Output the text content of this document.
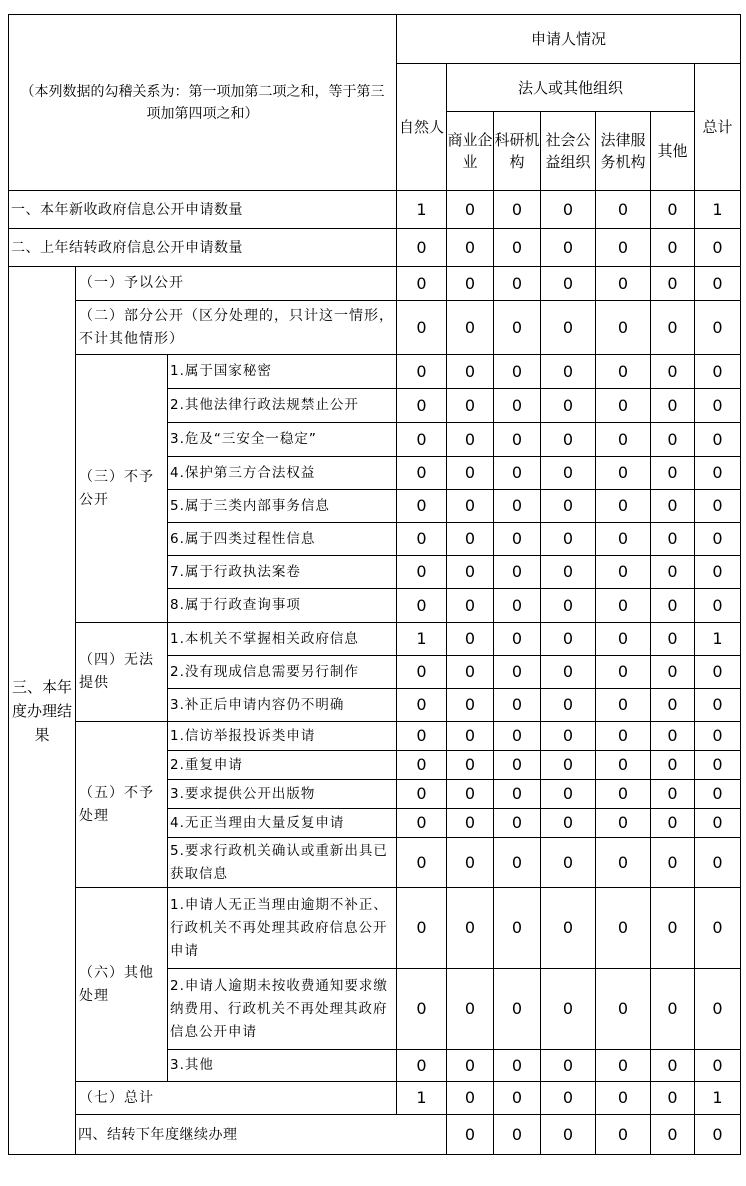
（本列数据的勾稽关系为：第一项加第二项之和，等于第三项加第四项之和）			申请人情况							
			自然人	法人或其他组织					总计	
				商业企业	科研机构	社会公益组织	法律服务机构	其他		
一、本年新收政府信息公开申请数量			1	0	0	0	0	0	1	
二、上年结转政府信息公开申请数量			0	0	0	0	0	0	0	
三、本年度办理结果	（一）予以公开		0	0	0	0	0	0	0	
	（二）部分公开（区分处理的，只计这一情形，不计其他情形）		0	0	0	0	0	0	0	
	（三）不予公开	1.属于国家秘密	0	0	0	0	0	0	0	
		2.其他法律行政法规禁止公开	0	0	0	0	0	0	0	
		3.危及“三安全一稳定”	0	0	0	0	0	0	0	
		4.保护第三方合法权益	0	0	0	0	0	0	0	
		5.属于三类内部事务信息	0	0	0	0	0	0	0	
		6.属于四类过程性信息	0	0	0	0	0	0	0	
		7.属于行政执法案卷	0	0	0	0	0	0	0	
		8.属于行政查询事项	0	0	0	0	0	0	0	
	（四）无法提供	1.本机关不掌握相关政府信息	1	0	0	0	0	0	1	
		2.没有现成信息需要另行制作	0	0	0	0	0	0	0	
		3.补正后申请内容仍不明确	0	0	0	0	0	0	0	
	（五）不予处理	1.信访举报投诉类申请	0	0	0	0	0	0	0	
		2.重复申请	0	0	0	0	0	0	0	
		3.要求提供公开出版物	0	0	0	0	0	0	0	
		4.无正当理由大量反复申请	0	0	0	0	0	0	0	
		5.要求行政机关确认或重新出具已获取信息	0	0	0	0	0	0	0	
	（六）其他处理	1.申请人无正当理由逾期不补正、行政机关不再处理其政府信息公开申请	0	0	0	0	0	0	0	
		2.申请人逾期未按收费通知要求缴纳费用、行政机关不再处理其政府信息公开申请	0	0	0	0	0	0	0	
		3.其他	0	0	0	0	0	0	0	
	（七）总计		1	0	0	0	0	0	1	
	四、结转下年度继续办理			0	0	0	0	0	0	
